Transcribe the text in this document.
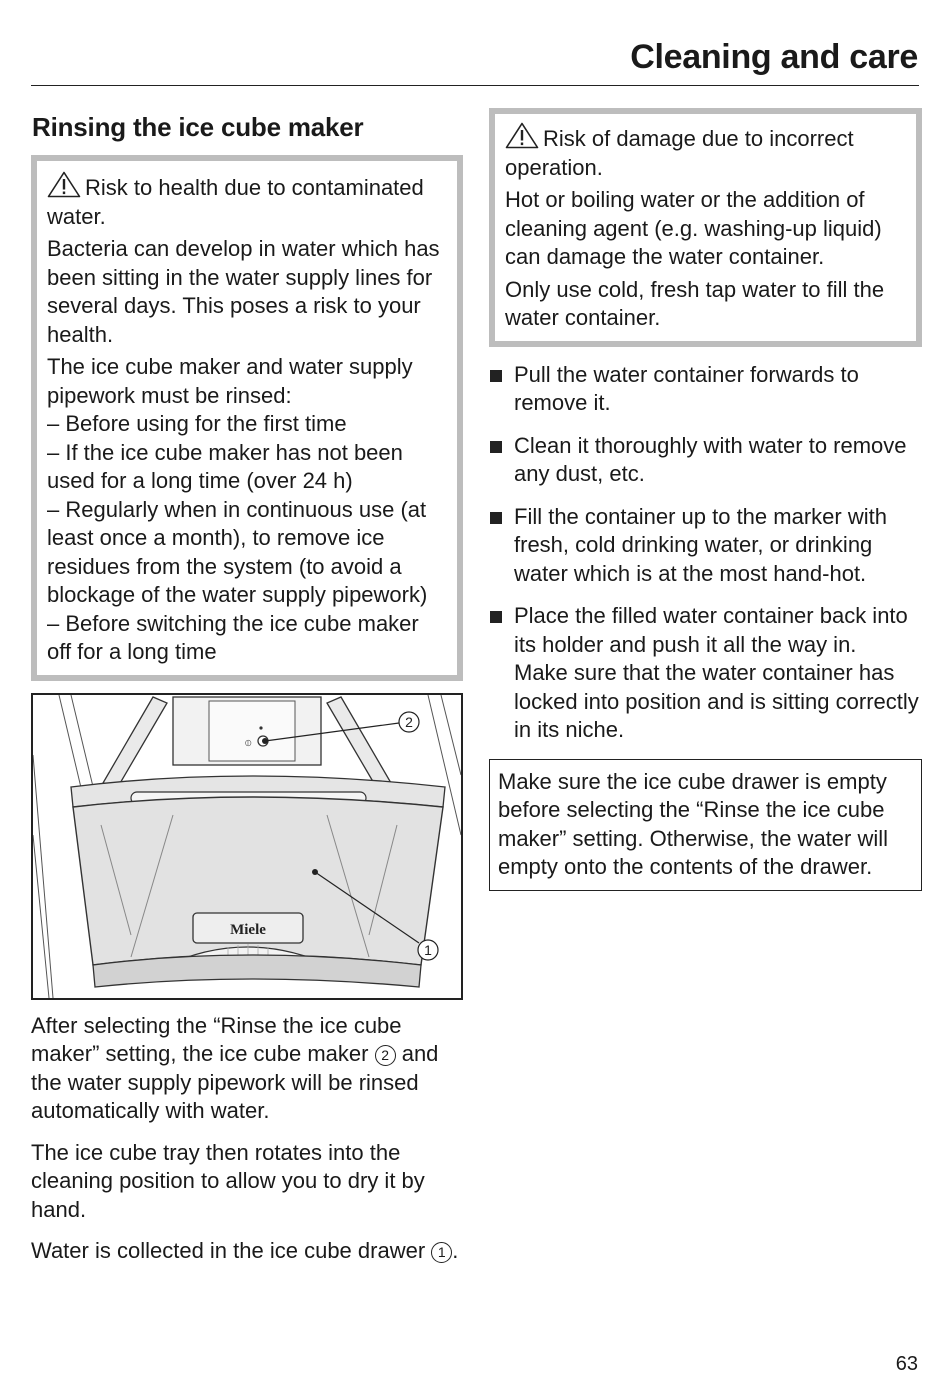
Cleaning and care
Rinsing the ice cube maker

Risk to health due to contaminated water.

Bacteria can develop in water which has been sitting in the water supply lines for several days. This poses a risk to your health.

The ice cube maker and water supply pipework must be rinsed:
– Before using for the first time
– If the ice cube maker has not been used for a long time (over 24 h)
– Regularly when in continuous use (at least once a month), to remove ice residues from the system (to avoid a blockage of the water supply pipework)
– Before switching the ice cube maker off for a long time

⦶
Miele
2
1

After selecting the “Rinse the ice cube maker” setting, the ice cube maker 2 and the water supply pipework will be rinsed automatically with water.

The ice cube tray then rotates into the cleaning position to allow you to dry it by hand.

Water is collected in the ice cube drawer 1 .

Risk of damage due to incorrect operation.

Hot or boiling water or the addition of cleaning agent (e.g. washing-up liquid) can damage the water container.

Only use cold, fresh tap water to fill the water container.

Pull the water container forwards to remove it.
Clean it thoroughly with water to remove any dust, etc.
Fill the container up to the marker with fresh, cold drinking water, or drinking water which is at the most hand-hot.
Place the filled water container back into its holder and push it all the way in.
Make sure that the water container has locked into position and is sitting correctly in its niche.
Make sure the ice cube drawer is empty before selecting the “Rinse the ice cube maker” setting. Otherwise, the water will empty onto the contents of the drawer.
63
